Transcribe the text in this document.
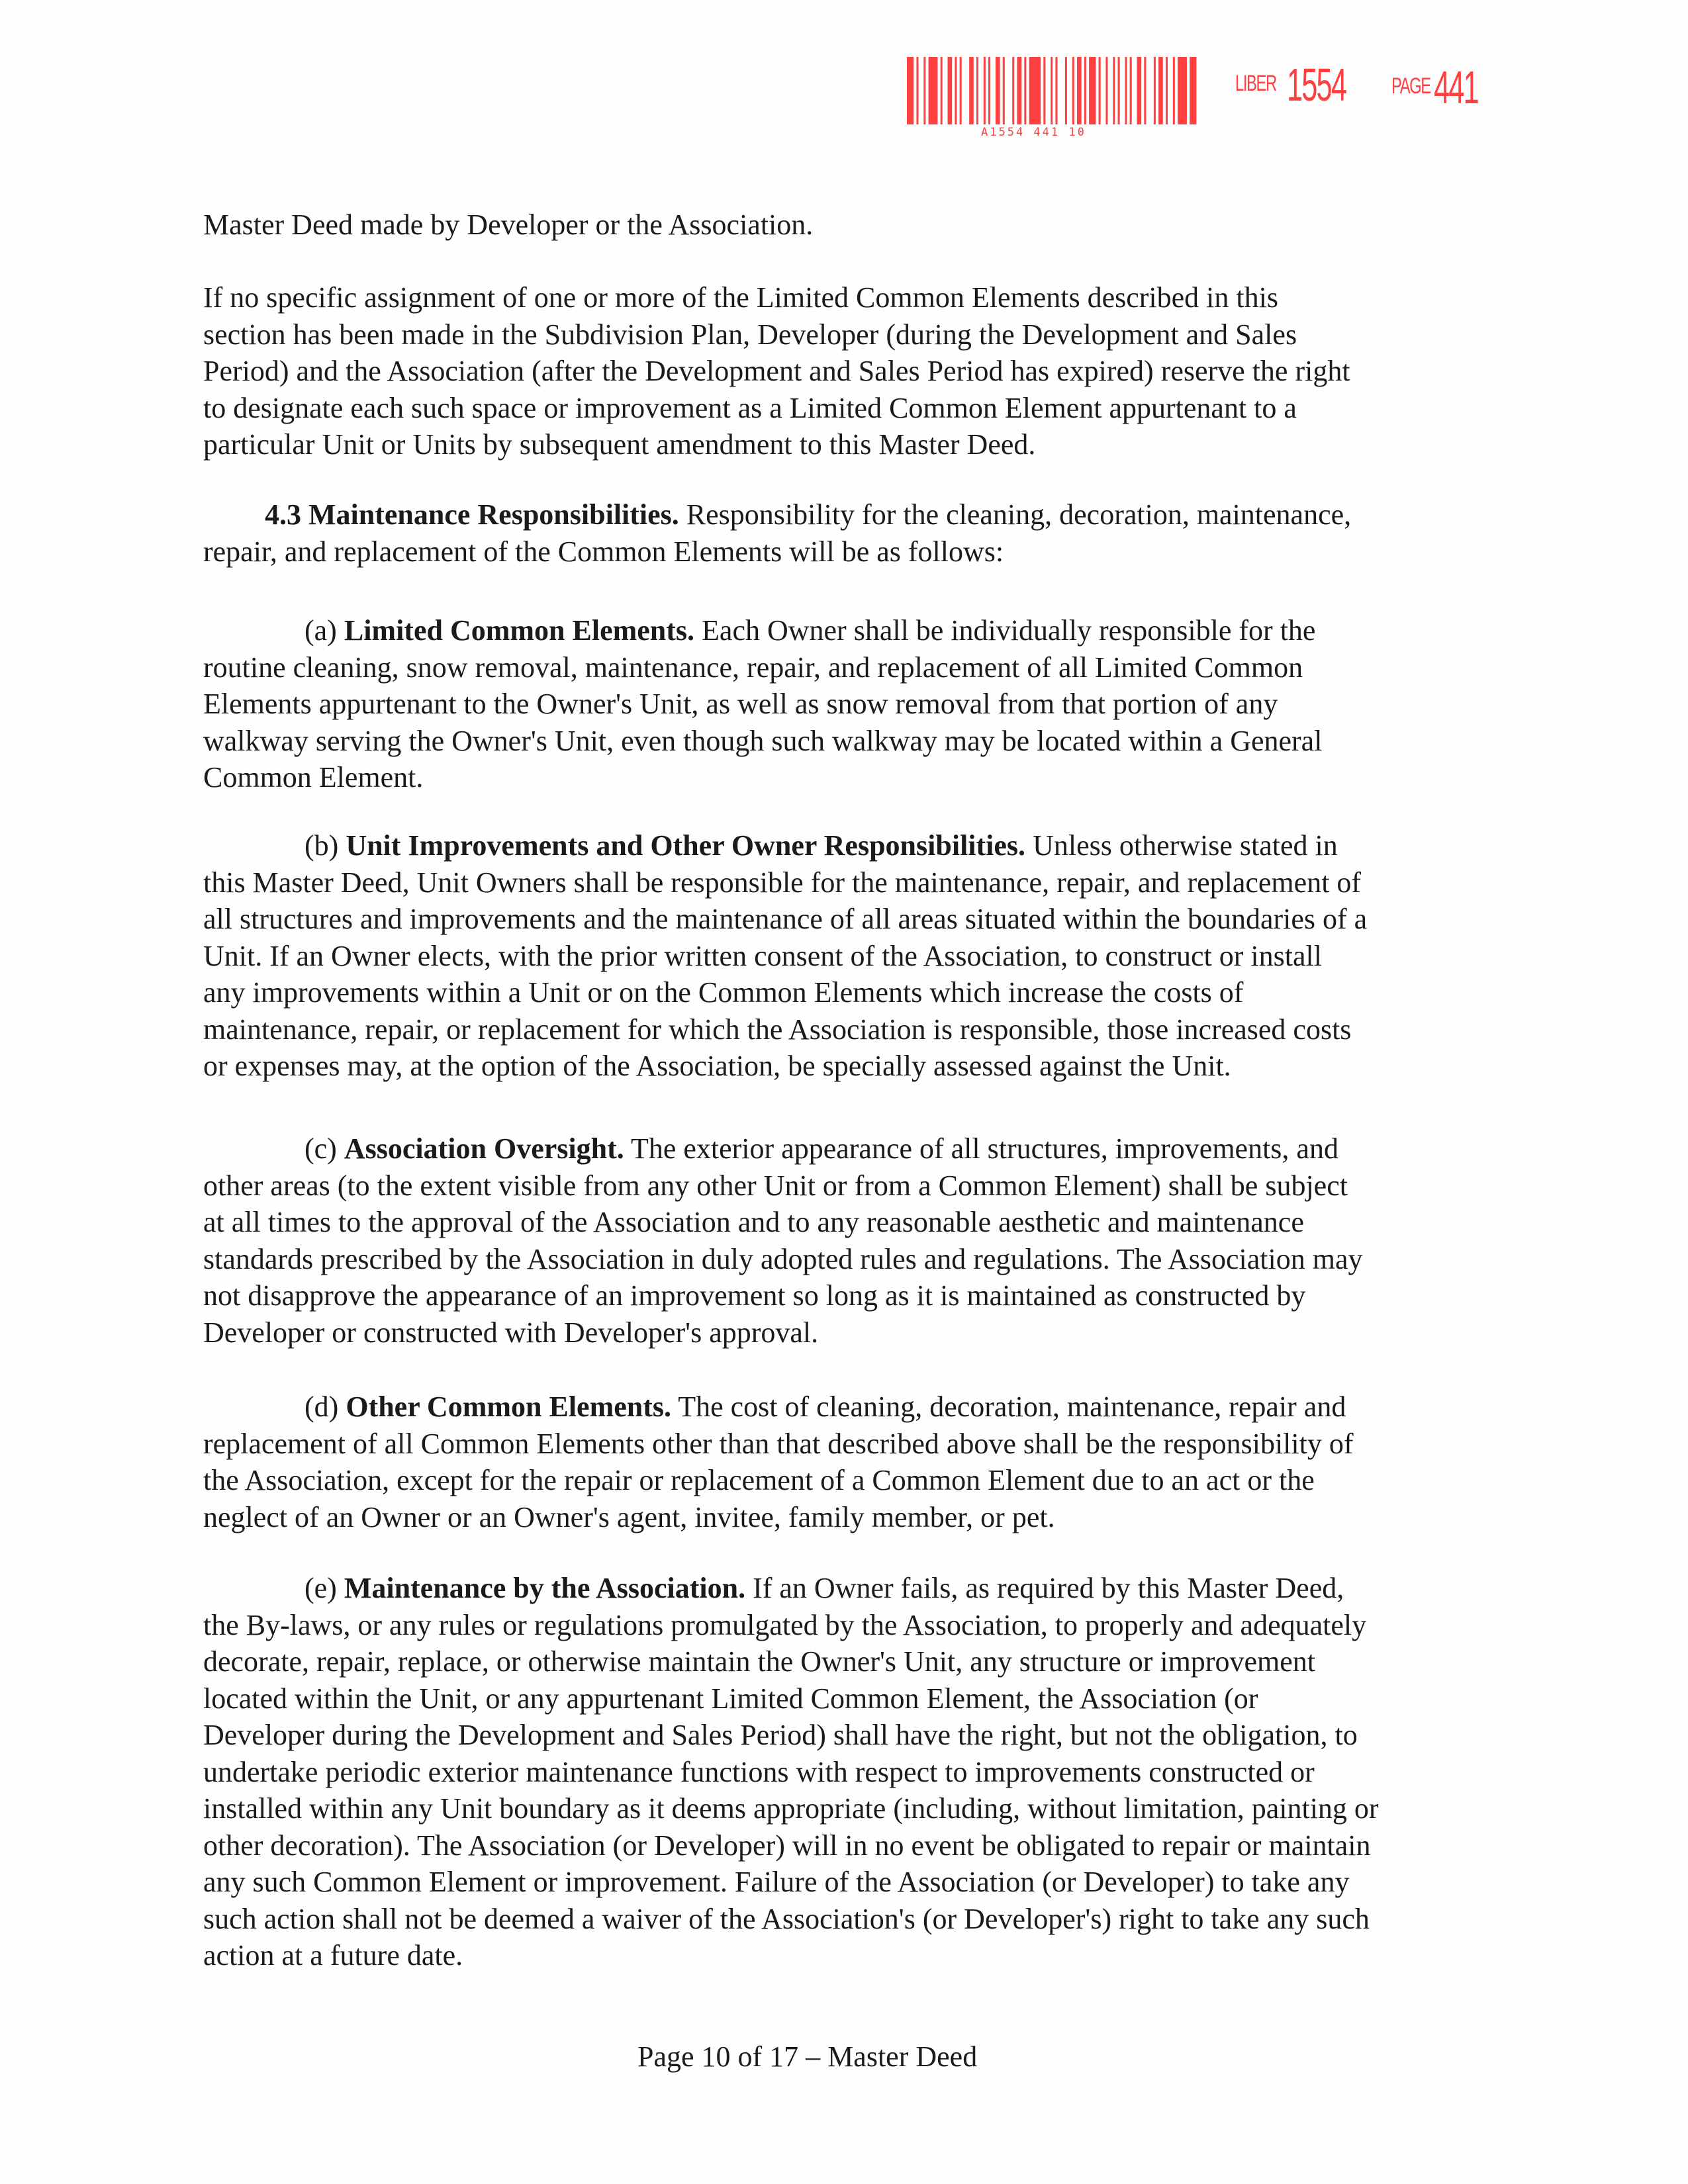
A1554 441 10
LIBER 1554 PAGE 441
Master Deed made by Developer or the Association.
If no specific assignment of one or more of the Limited Common Elements described in this
section has been made in the Subdivision Plan, Developer (during the Development and Sales
Period) and the Association (after the Development and Sales Period has expired) reserve the right
to designate each such space or improvement as a Limited Common Element appurtenant to a
particular Unit or Units by subsequent amendment to this Master Deed.
4.3 Maintenance Responsibilities. Responsibility for the cleaning, decoration, maintenance,
repair, and replacement of the Common Elements will be as follows:
(a) Limited Common Elements. Each Owner shall be individually responsible for the
routine cleaning, snow removal, maintenance, repair, and replacement of all Limited Common
Elements appurtenant to the Owner's Unit, as well as snow removal from that portion of any
walkway serving the Owner's Unit, even though such walkway may be located within a General
Common Element.
(b) Unit Improvements and Other Owner Responsibilities. Unless otherwise stated in
this Master Deed, Unit Owners shall be responsible for the maintenance, repair, and replacement of
all structures and improvements and the maintenance of all areas situated within the boundaries of a
Unit. If an Owner elects, with the prior written consent of the Association, to construct or install
any improvements within a Unit or on the Common Elements which increase the costs of
maintenance, repair, or replacement for which the Association is responsible, those increased costs
or expenses may, at the option of the Association, be specially assessed against the Unit.
(c) Association Oversight. The exterior appearance of all structures, improvements, and
other areas (to the extent visible from any other Unit or from a Common Element) shall be subject
at all times to the approval of the Association and to any reasonable aesthetic and maintenance
standards prescribed by the Association in duly adopted rules and regulations. The Association may
not disapprove the appearance of an improvement so long as it is maintained as constructed by
Developer or constructed with Developer's approval.
(d) Other Common Elements. The cost of cleaning, decoration, maintenance, repair and
replacement of all Common Elements other than that described above shall be the responsibility of
the Association, except for the repair or replacement of a Common Element due to an act or the
neglect of an Owner or an Owner's agent, invitee, family member, or pet.
(e) Maintenance by the Association. If an Owner fails, as required by this Master Deed,
the By-laws, or any rules or regulations promulgated by the Association, to properly and adequately
decorate, repair, replace, or otherwise maintain the Owner's Unit, any structure or improvement
located within the Unit, or any appurtenant Limited Common Element, the Association (or
Developer during the Development and Sales Period) shall have the right, but not the obligation, to
undertake periodic exterior maintenance functions with respect to improvements constructed or
installed within any Unit boundary as it deems appropriate (including, without limitation, painting or
other decoration). The Association (or Developer) will in no event be obligated to repair or maintain
any such Common Element or improvement. Failure of the Association (or Developer) to take any
such action shall not be deemed a waiver of the Association's (or Developer's) right to take any such
action at a future date.
Page 10 of 17 – Master Deed
